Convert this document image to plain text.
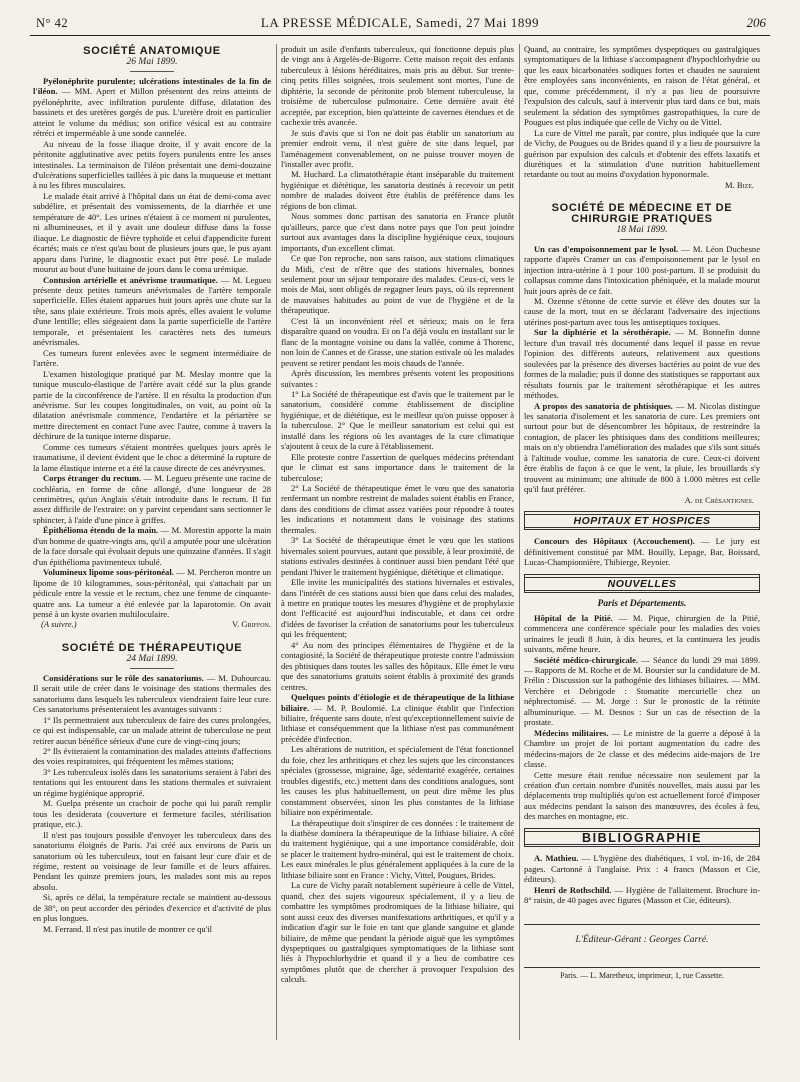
N° 42	LA PRESSE MÉDICALE, Samedi, 27 Mai 1899	206
SOCIÉTÉ ANATOMIQUE
26 Mai 1899.

Pyélonéphrite purulente; ulcérations intestinales de la fin de l'iléon. — MM. Apert et Millon présentent des reins atteints de pyélonéphrite, avec infiltration purulente diffuse, dilatation des bassinets et des uretères gorgés de pus. L'uretère droit en particulier atteint le volume du médius; son orifice vésical est au contraire rétréci et imperméable à une sonde cannelée.

Au niveau de la fosse iliaque droite, il y avait encore de la péritonite agglutinative avec petits foyers purulents entre les anses intestinales. La terminaison de l'iléon présentait une demi-douzaine d'ulcérations superficielles taillées à pic dans la muqueuse et mettant à nu les fibres musculaires.

Le malade était arrivé à l'hôpital dans un état de demi-coma avec subdélire, et présentait des vomissements, de la diarrhée et une température de 40°. Les urines n'étaient à ce moment ni purulentes, ni albumineuses, et il y avait une douleur diffuse dans la fosse iliaque. Le diagnostic de fièvre typhoïde et celui d'appendicite furent écartés; mais ce n'est qu'au bout de plusieurs jours que, le pus ayant apparu dans l'urine, le diagnostic exact put être posé. Le malade mourut au bout d'une huitaine de jours dans le coma urémique.

Contusion artérielle et anévrisme traumatique. — M. Legueu présente deux petites tumeurs anévrismales de l'artère temporale superficielle. Elles étaient apparues huit jours après une chute sur la tête, sans plaie extérieure. Trois mois après, elles avaient le volume d'une lentille; elles siégeaient dans la partie superficielle de l'artère temporale, et présentaient les caractères nets des tumeurs anévrismales.

Ces tumeurs furent enlevées avec le segment intermédiaire de l'artère.

L'examen histologique pratiqué par M. Meslay montre que la tunique musculo-élastique de l'artère avait cédé sur la plus grande partie de la circonférence de l'artère. Il en résulta la production d'un anévrisme. Sur les coupes longitudinales, on voit, au point où la dilatation anévrismale commence, l'endartère et la périartère se mettre directement en contact l'une avec l'autre, comme à travers la déchirure de la tunique interne disparue.

Comme ces tumeurs s'étaient montrées quelques jours après le traumatisme, il devient évident que le choc a déterminé la rupture de la lame élastique interne et a été la cause directe de ces anévrysmes.

Corps étranger du rectum. — M. Legueu présente une racine de cochléaria, en forme de cône allongé, d'une longueur de 28 centimètres, qu'un Anglais s'était introduite dans le rectum. Il fut assez difficile de l'extraire: on y parvint cependant sans sectionner le sphincter, à l'aide d'une pince à griffes.

Épithélioma étendu de la main. — M. Morestin apporte la main d'un homme de quatre-vingts ans, qu'il a amputée pour une ulcération de la face dorsale qui évoluait depuis une quinzaine d'années. Il s'agit d'un épithélioma pavimenteux tubulé.

Volumineux lipome sous-péritonéal. — M. Percheron montre un lipome de 10 kilogrammes, sous-péritonéal, qui s'attachait par un pédicule entre la vessie et le rectum, chez une femme de cinquante-quatre ans. La tumeur a été enlevée par la laparotomie. On avait pensé à un kyste ovarien multiloculaire.

(A suivre.)	V. Griffon.
SOCIÉTÉ DE THÉRAPEUTIQUE
24 Mai 1899.

Considérations sur le rôle des sanatoriums. — M. Duhourcau. Il serait utile de créer dans le voisinage des stations thermales des sanatoriums dans lesquels les tuberculeux viendraient faire leur cure. Ces sanatoriums présenteraient les avantages suivants :

1° Ils permettraient aux tuberculeux de faire des cures prolongées, ce qui est indispensable, car un malade atteint de tuberculose ne peut retirer aucun bénéfice sérieux d'une cure de vingt-cinq jours;

2° Ils éviteraient la contamination des malades atteints d'affections des voies respiratoires, qui fréquentent les mêmes stations;

3° Les tuberculeux isolés dans les sanatoriums seraient à l'abri des tentations qui les entourent dans les stations thermales et suivraient un régime hygiénique approprié.

M. Guelpa présente un crachoir de poche qui lui paraît remplir tous les desiderata (couverture et fermeture faciles, stérilisation pratique, etc.).

Il n'est pas toujours possible d'envoyer les tuberculeux dans des sanatoriums éloignés de Paris. J'ai créé aux environs de Paris un sanatorium où les tuberculeux, tout en faisant leur cure d'air et de régime, restent au voisinage de leur famille et de leurs affaires. Pendant les quinze premiers jours, les malades sont mis au repos absolu.

Si, après ce délai, la température rectale se maintient au-dessous de 38°, on peut accorder des périodes d'exercice et d'activité de plus en plus longues.

M. Ferrand. Il n'est pas inutile de montrer ce qu'il

produit un asile d'enfants tuberculeux, qui fonctionne depuis plus de vingt ans à Argelès-de-Bigorre. Cette maison reçoit des enfants tuberculeux à lésions héréditaires, mais pris au début. Sur trente-cinq petits filles soignées, trois seulement sont mortes, l'une de diphtérie, la seconde de péritonite prob blement tuberculeuse, la troisième de tuberculose pulmonaire. Cette dernière avait été acceptée, par exception, bien qu'atteinte de cavernes étendues et de cachexie très avancée.

Je suis d'avis que si l'on ne doit pas établir un sanatorium au premier endroit venu, il n'est guère de site dans lequel, par l'aménagement convenablement, on ne puisse trouver moyen de l'installer avec profit.

M. Huchard. La climatothérapie étant inséparable du traitement hygiénique et diététique, les sanatoria destinés à recevoir un petit nombre de malades doivent être établis de préférence dans les régions de bon climat.

Nous sommes donc partisan des sanatoria en France plutôt qu'ailleurs, parce que c'est dans notre pays que l'on peut joindre surtout aux avantages dans la discipline hygiénique ceux, toujours importants, d'un excellent climat.

Ce que l'on reproche, non sans raison, aux stations climatiques du Midi, c'est de n'être que des stations hivernales, bonnes seulement pour un séjour temporaire des malades. Ceux-ci, vers le mois de Mai, sont obligés de regagner leurs pays, où ils reprennent de mauvaises habitudes au point de vue de l'hygiène et de la thérapeutique.

C'est là un inconvénient réel et sérieux; mais on le fera disparaître quand on voudra. Et on l'a déjà voulu en installant sur le flanc de la montagne voisine ou dans la vallée, comme à Thorenc, non loin de Cannes et de Grasse, une station estivale où les malades peuvent se retirer pendant les mois chauds de l'année.

Après discussion, les membres présents votent les propositions suivantes :

1° La Société de thérapeutique est d'avis que le traitement par le sanatorium, considéré comme établissement de discipline hygiénique, et de diététique, est le meilleur qu'on puisse opposer à la tuberculose. 2° Que le meilleur sanatorium est celui qui est installé dans les régions où les avantages de la cure climatique s'ajoutent à ceux de la cure à l'établissement.

Elle proteste contre l'assertion de quelques médecins prétendant que le climat est sans importance dans le traitement de la tuberculose;

2° La Société de thérapeutique émet le vœu que des sanatoria renfermant un nombre restreint de malades soient établis en France, dans des conditions de climat assez variées pour répondre à toutes les indications et notamment dans le voisinage des stations thermales.

3° La Société de thérapeutique émet le vœu que les stations hivernales soient pourvues, autant que possible, à leur proximité, de stations estivales destinées à continuer aussi bien pendant l'été que pendant l'hiver le traitement hygiénique, diététique et climatique.

Elle invite les municipalités des stations hivernales et estivales, dans l'intérêt de ces stations aussi bien que dans celui des malades, à mettre en pratique toutes les mesures d'hygiène et de prophylaxie dont l'efficacité est aujourd'hui indiscutable, et dans cet ordre d'idées de favoriser la création de sanatoriums pour les tuberculeux qui les fréquentent;

4° Au nom des principes élémentaires de l'hygiène et de la contagiosité, la Société de thérapeutique proteste contre l'admission des phtisiques dans toutes les salles des hôpitaux. Elle émet le vœu que des sanatoriums gratuits soient établis à proximité des grands centres.

Quelques points d'étiologie et de thérapeutique de la lithiase biliaire. — M. P. Boulomié. La clinique établit que l'infection biliaire, fréquente sans doute, n'est qu'exceptionnellement suivie de lithiase et conséquemment que la lithiase n'est pas communément précédée d'infection.

Les altérations de nutrition, et spécialement de l'état fonctionnel du foie, chez les arthritiques et chez les sujets que les circonstances spéciales (grossesse, migraine, âge, sédentarité exagérée, certaines troubles digestifs, etc.) mettent dans des conditions analogues, sont les causes les plus habituellement, on peut dire même les plus constamment observées, sinon les plus constantes de la lithiase biliaire non expérimentale.

La thérapeutique doit s'inspirer de ces données : le traitement de la diathèse dominera la thérapeutique de la lithiase biliaire. A côté du traitement hygiénique, qui a une importance considérable, doit se placer le traitement hydro-minéral, qui est le traitement de choix. Les eaux minérales le plus généralement appliquées à la cure de la lithiase biliaire sont en France : Vichy, Vittel, Pougues, Brides.

La cure de Vichy paraît notablement supérieure à celle de Vittel, quand, chez des sujets vigoureux spécialement, il y a lieu de combattre les symptômes prodromiques de la lithiase biliaire, qui sont aussi ceux des diverses manifestations arthritiques, et qu'il y a indication d'agir sur le foie en tant que glande sanguine et glande biliaire, de même que pendant la période aiguë que les symptômes dyspeptiques ou gastralgiques symptomatiques de la lithiase sont liés à l'hypochlorhydrie et quand il y a lieu de combattre ces symptômes plutôt que de chercher à provoquer l'expulsion des calculs.

Quand, au contraire, les symptômes dyspeptiques ou gastralgiques symptomatiques de la lithiase s'accompagnent d'hypochlorhydrie ou que les eaux bicarbonatées sodiques fortes et chaudes ne sauraient être employées sans inconvénients, en raison de l'état général, et que, comme précédemment, il n'y a pas lieu de poursuivre l'expulsion des calculs, sauf à intervenir plus tard dans ce but, mais seulement la sédation des symptômes gastropathiques, la cure de Pougues est plus indiquée que celle de Vichy ou de Vittel.

La cure de Vittel me paraît, par contre, plus indiquée que la cure de Vichy, de Pougues ou de Brides quand il y a lieu de poursuivre la guérison par expulsion des calculs et d'obtenir des effets laxatifs et diurétiques et la stimulation d'une nutrition habituellement retardante ou tout au moins d'oxydation hyponormale.

M. Bize.
SOCIÉTÉ DE MÉDECINE ET DE CHIRURGIE PRATIQUES
18 Mai 1899.

Un cas d'empoisonnement par le lysol. — M. Léon Duchesne rapporte d'après Cramer un cas d'empoisonnement par le lysol en injection intra-utérine à 1 pour 100 post-partum. Il se produisit du collapsus comme dans l'intoxication phéniquée, et la malade mourut huit jours après de ce fait.

M. Ozenne s'étonne de cette survie et élève des doutes sur la cause de la mort, tout en se déclarant l'adversaire des injections utérines post-partum avec tous les antiseptiques toxiques.

Sur la diphtérie et la sérothérapie. — M. Bonnefin donne lecture d'un travail très documenté dans lequel il passe en revue l'opinion des différents auteurs, relativement aux questions soulevées par la présence des diverses bactéries au point de vue des formes de la maladie; puis il donne des statistiques se rapportant aux résultats fournis par le traitement sérothérapique et les autres méthodes.

A propos des sanatoria de phtisiques. — M. Nicolas distingue les sanatoria d'isolement et les sanatoria de cure. Les premiers ont surtout pour but de désencombrer les hôpitaux, de restreindre la contagion, de placer les phtisiques dans des conditions meilleures; mais on n'y obtiendra l'amélioration des malades que s'ils sont situés à l'altitude voulue, comme les sanatoria de cure. Ceux-ci doivent être établis de façon à ce que le vent, la pluie, les brouillards s'y trouvent au minimum; une altitude de 800 à 1.000 mètres est celle qu'il faut préférer.

A. de Crésantignes.
HOPITAUX ET HOSPICES

Concours des Hôpitaux (Accouchement). — Le jury est définitivement constitué par MM. Bouilly, Lepage, Bar, Boissard, Lucas-Championnière, Thibierge, Reynier.

NOUVELLES
Paris et Départements.

Hôpital de la Pitié. — M. Pique, chirurgien de la Pitié, commencera une conférence spéciale pour les maladies des voies urinaires le jeudi 8 Juin, à dix heures, et la continuera les jeudis suivants, même heure.

Société médico-chirurgicale. — Séance du lundi 29 mai 1899. — Rapports de M. Roche et de M. Boursier sur la candidature de M. Frélin : Discussion sur la pathogénie des lithiases biliaires. — MM. Verchère et Debrigode : Stomatite mercurielle chez un néphrectomisé. — M. Jorge : Sur le pronostic de la rétinite albuminurique. — M. Desnos : Sur un cas de résection de la prostate.

Médecins militaires. — Le ministre de la guerre a déposé à la Chambre un projet de loi portant augmentation du cadre des médecins-majors de 2e classe et des médecins aide-majors de 1re classe.

Cette mesure était rendue nécessaire non seulement par la création d'un certain nombre d'unités nouvelles, mais aussi par les déplacements trop multipliés qu'on est actuellement forcé d'imposer aux médecins pendant la saison des manœuvres, des écoles à feu, des marches en montagne, etc.

BIBLIOGRAPHIE

A. Mathieu. — L'hygiène des diabétiques, 1 vol. in-16, de 284 pages. Cartonné à l'anglaise. Prix : 4 francs (Masson et Cie, éditeurs).

Henri de Rothschild. — Hygiène de l'allaitement. Brochure in-8° raisin, de 40 pages avec figures (Masson et Cie, éditeurs).

L'Éditeur-Gérant : Georges Carré.
Paris. — L. Maretheux, imprimeur, 1, rue Cassette.
